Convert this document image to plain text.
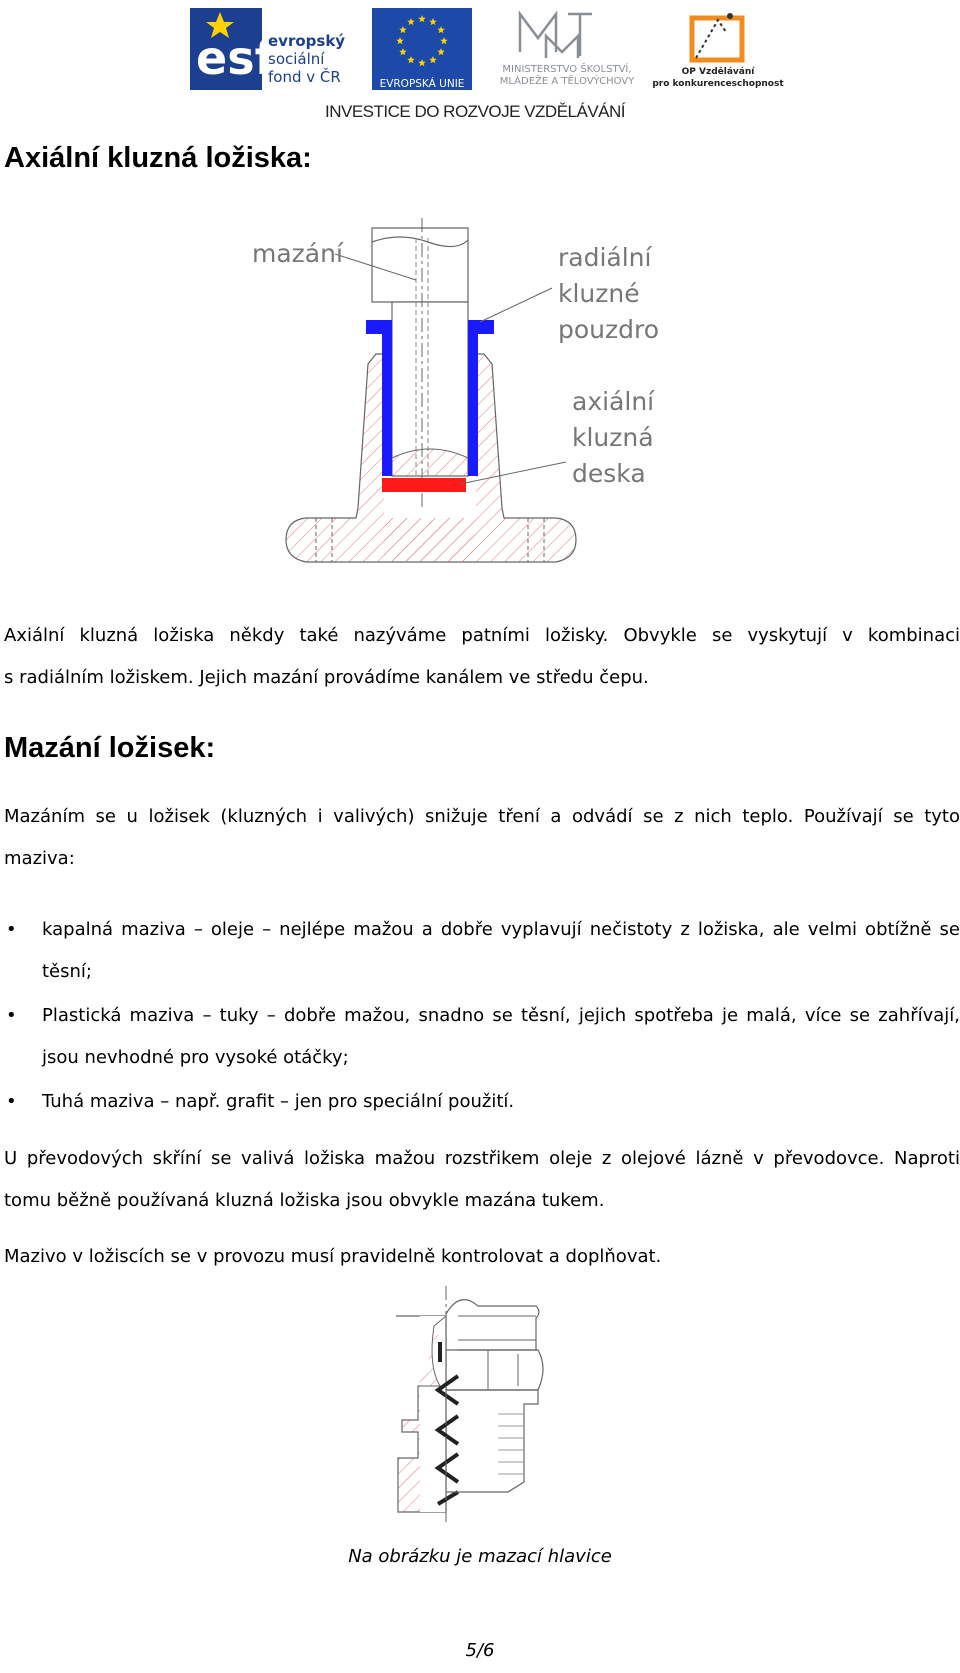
esf
evropský
sociální
fond v ČR	EVROPSKÁ UNIE
MINISTERSTVO ŠKOLSTVÍ,
MLÁDEŽE A TĚLOVÝCHOVY
OP Vzdělávání
pro konkurenceschopnost
INVESTICE DO ROZVOJE VZDĚLÁVÁNÍ
Axiální kluzná ložiska:
mazání	radiální
kluzné
pouzdro
axiální
kluzná
deska
Axiální kluzná ložiska někdy také nazýváme patními ložisky. Obvykle se vyskytují v kombinaci
s radiálním ložiskem. Jejich mazání provádíme kanálem ve středu čepu.
Mazání ložisek:
Mazáním se u ložisek (kluzných i valivých) snižuje tření a odvádí se z nich teplo. Používají se tyto
maziva:
• kapalná maziva – oleje – nejlépe mažou a dobře vyplavují nečistoty z ložiska, ale velmi obtížně se
těsní;
• Plastická maziva – tuky – dobře mažou, snadno se těsní, jejich spotřeba je malá, více se zahřívají,
jsou nevhodné pro vysoké otáčky;
• Tuhá maziva – např. grafit – jen pro speciální použití.
U převodových skříní se valivá ložiska mažou rozstřikem oleje z olejové lázně v převodovce. Naproti
tomu běžně používaná kluzná ložiska jsou obvykle mazána tukem.
Mazivo v ložiscích se v provozu musí pravidelně kontrolovat a doplňovat.
Na obrázku je mazací hlavice
5/6
